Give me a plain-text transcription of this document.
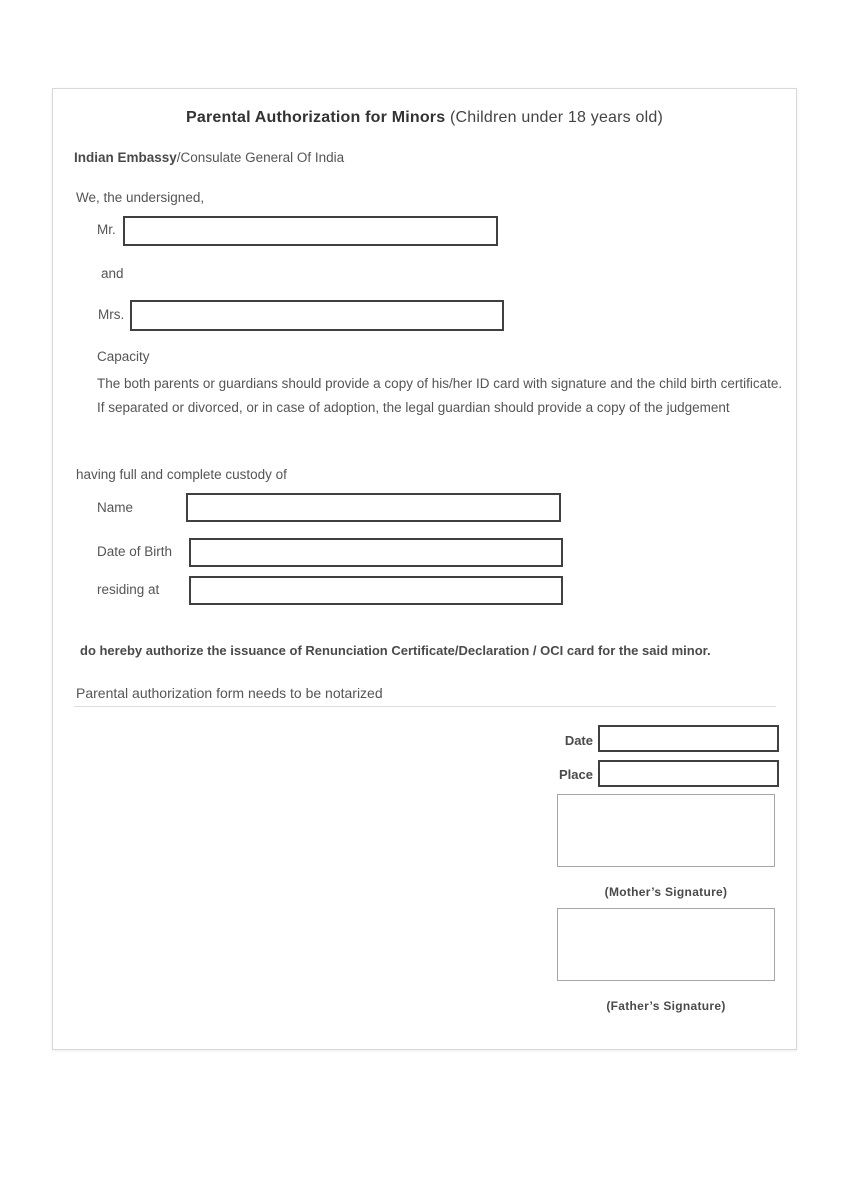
Parental Authorization for Minors (Children under 18 years old)
Indian Embassy/Consulate General Of India
We, the undersigned,
Mr.
and
Mrs.
Capacity

The both parents or guardians should provide a copy of his/her ID card with signature and the child birth certificate. If separated or divorced, or in case of adoption, the legal guardian should provide a copy of the judgement

having full and complete custody of
Name
Date of Birth
residing at
do hereby authorize the issuance of Renunciation Certificate/Declaration / OCI card for the said minor.
Parental authorization form needs to be notarized
Date
Place
(Mother’s Signature)
(Father’s Signature)
